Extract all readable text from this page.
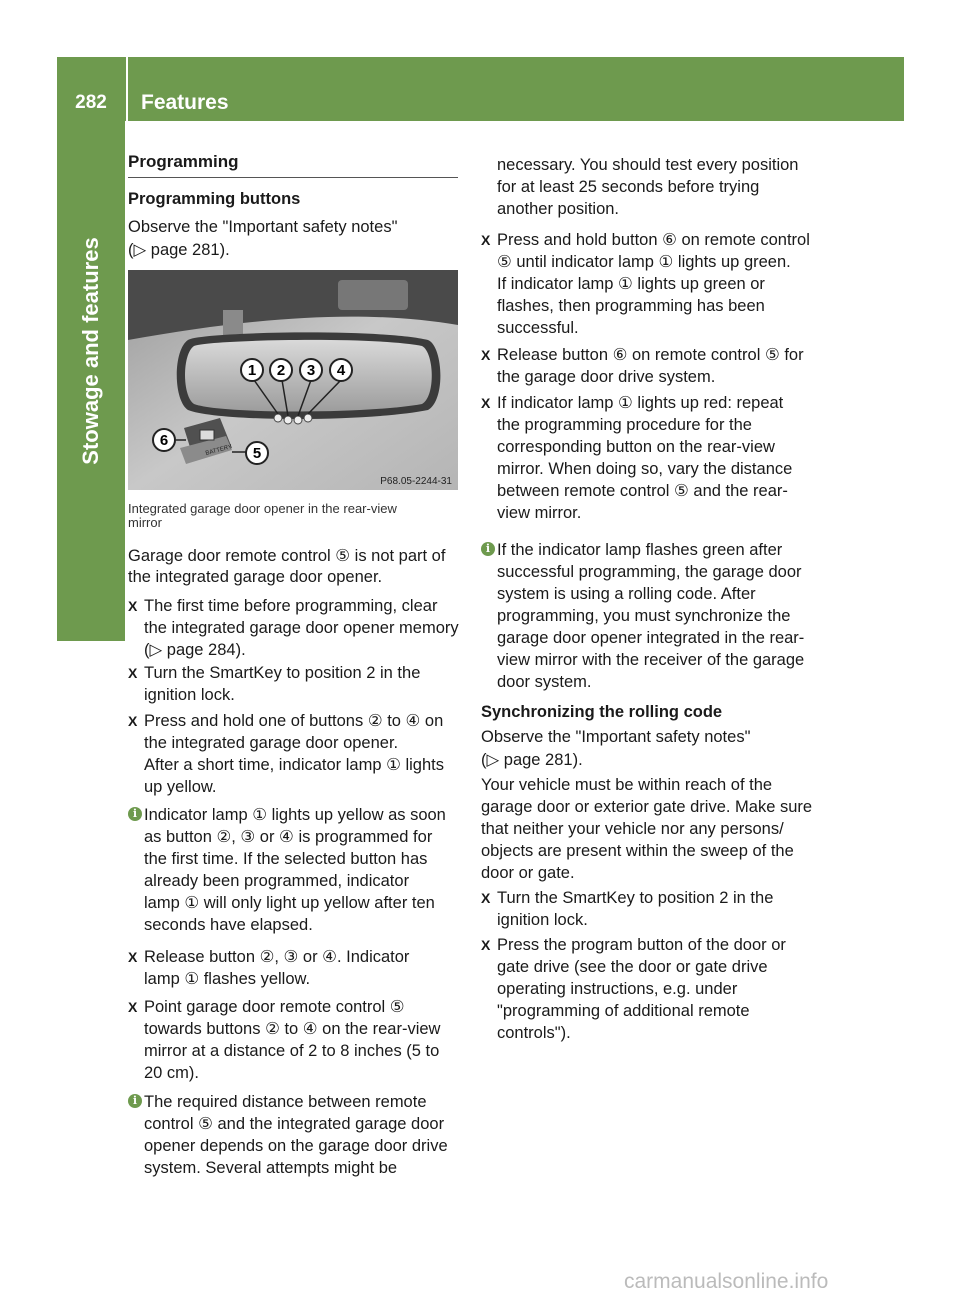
282	Features
Stowage and features
Programming
Programming buttons
Observe the "Important safety notes"
(▷ page 281).
1 2 3 4
BATTERY
6
5
P68.05-2244-31
Integrated garage door opener in the rear-view
mirror
Garage door remote control ⑤ is not part of
the integrated garage door opener.
X The first time before programming, clear
the integrated garage door opener memory
(▷ page 284).
X Turn the SmartKey to position 2 in the
ignition lock.
X Press and hold one of buttons ② to ④ on
the integrated garage door opener.
After a short time, indicator lamp ① lights
up yellow.
i Indicator lamp ① lights up yellow as soon
as button ②, ③ or ④ is programmed for
the first time. If the selected button has
already been programmed, indicator
lamp ① will only light up yellow after ten
seconds have elapsed.
X Release button ②, ③ or ④. Indicator
lamp ① flashes yellow.
X Point garage door remote control ⑤
towards buttons ② to ④ on the rear-view
mirror at a distance of 2 to 8 inches (5 to
20 cm).
i The required distance between remote
control ⑤ and the integrated garage door
opener depends on the garage door drive
system. Several attempts might be
necessary. You should test every position
for at least 25 seconds before trying
another position.
X Press and hold button ⑥ on remote control
⑤ until indicator lamp ① lights up green.
If indicator lamp ① lights up green or
flashes, then programming has been
successful.
X Release button ⑥ on remote control ⑤ for
the garage door drive system.
X If indicator lamp ① lights up red: repeat
the programming procedure for the
corresponding button on the rear-view
mirror. When doing so, vary the distance
between remote control ⑤ and the rear-
view mirror.
i If the indicator lamp flashes green after
successful programming, the garage door
system is using a rolling code. After
programming, you must synchronize the
garage door opener integrated in the rear-
view mirror with the receiver of the garage
door system.
Synchronizing the rolling code
Observe the "Important safety notes"
(▷ page 281).
Your vehicle must be within reach of the
garage door or exterior gate drive. Make sure
that neither your vehicle nor any persons/
objects are present within the sweep of the
door or gate.
X Turn the SmartKey to position 2 in the
ignition lock.
X Press the program button of the door or
gate drive (see the door or gate drive
operating instructions, e.g. under
"programming of additional remote
controls").
carmanualsonline.info
